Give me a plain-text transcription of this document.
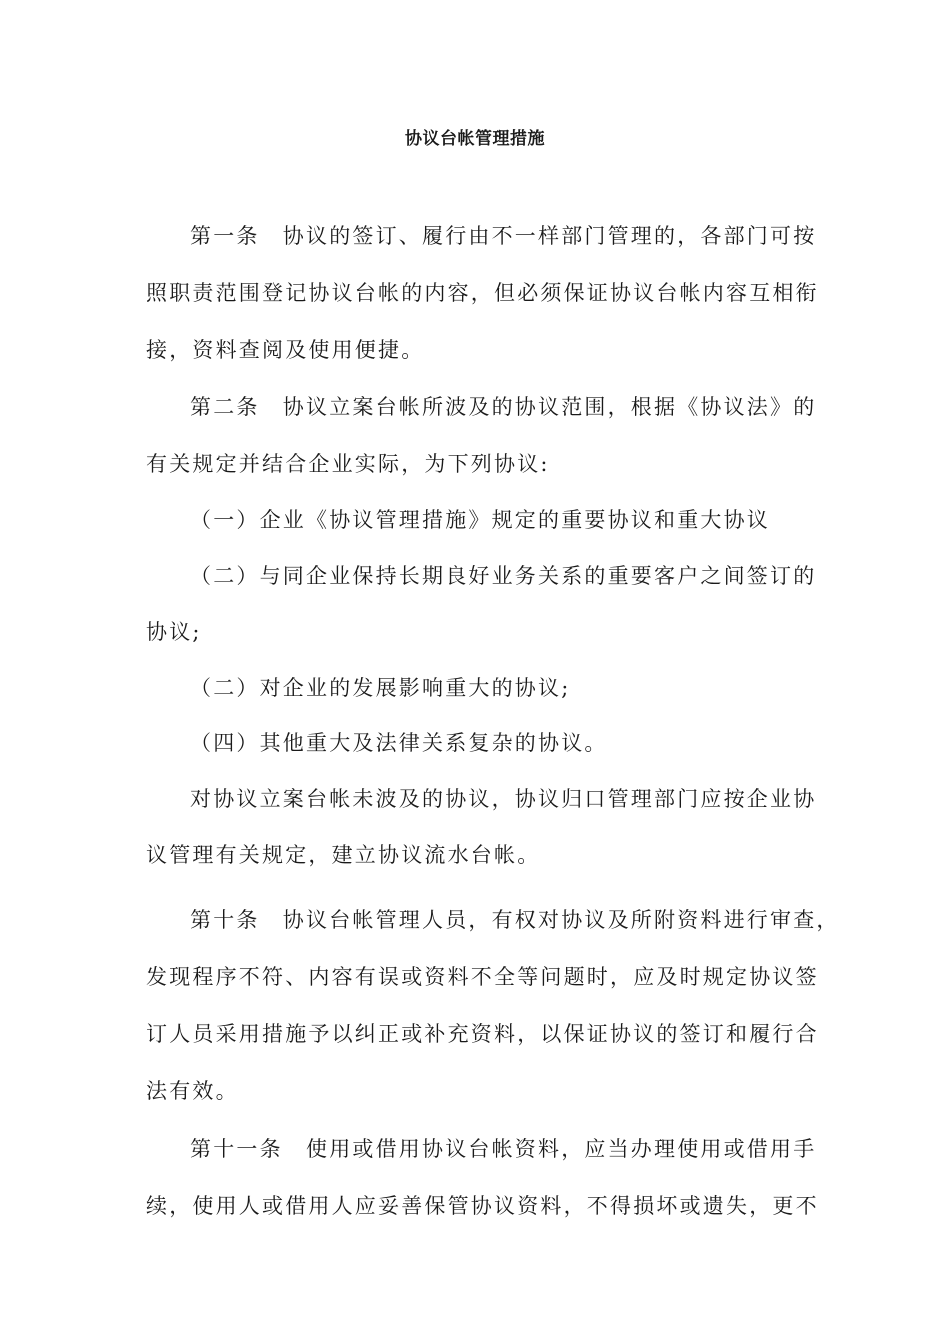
协议台帐管理措施
第一条　协议的签订、履行由不一样部门管理的，各部门可按
照职责范围登记协议台帐的内容，但必须保证协议台帐内容互相衔
接，资料查阅及使用便捷。
第二条　协议立案台帐所波及的协议范围，根据《协议法》的
有关规定并结合企业实际，为下列协议:
（一）企业《协议管理措施》规定的重要协议和重大协议
（二）与同企业保持长期良好业务关系的重要客户之间签订的
协议;
（二）对企业的发展影响重大的协议;
（四）其他重大及法律关系复杂的协议。
对协议立案台帐未波及的协议，协议归口管理部门应按企业协
议管理有关规定，建立协议流水台帐。
第十条　协议台帐管理人员，有权对协议及所附资料进行审查，
发现程序不符、内容有误或资料不全等问题时，应及时规定协议签
订人员采用措施予以纠正或补充资料，以保证协议的签订和履行合
法有效。
第十一条　使用或借用协议台帐资料，应当办理使用或借用手
续，使用人或借用人应妥善保管协议资料，不得损坏或遗失，更不
